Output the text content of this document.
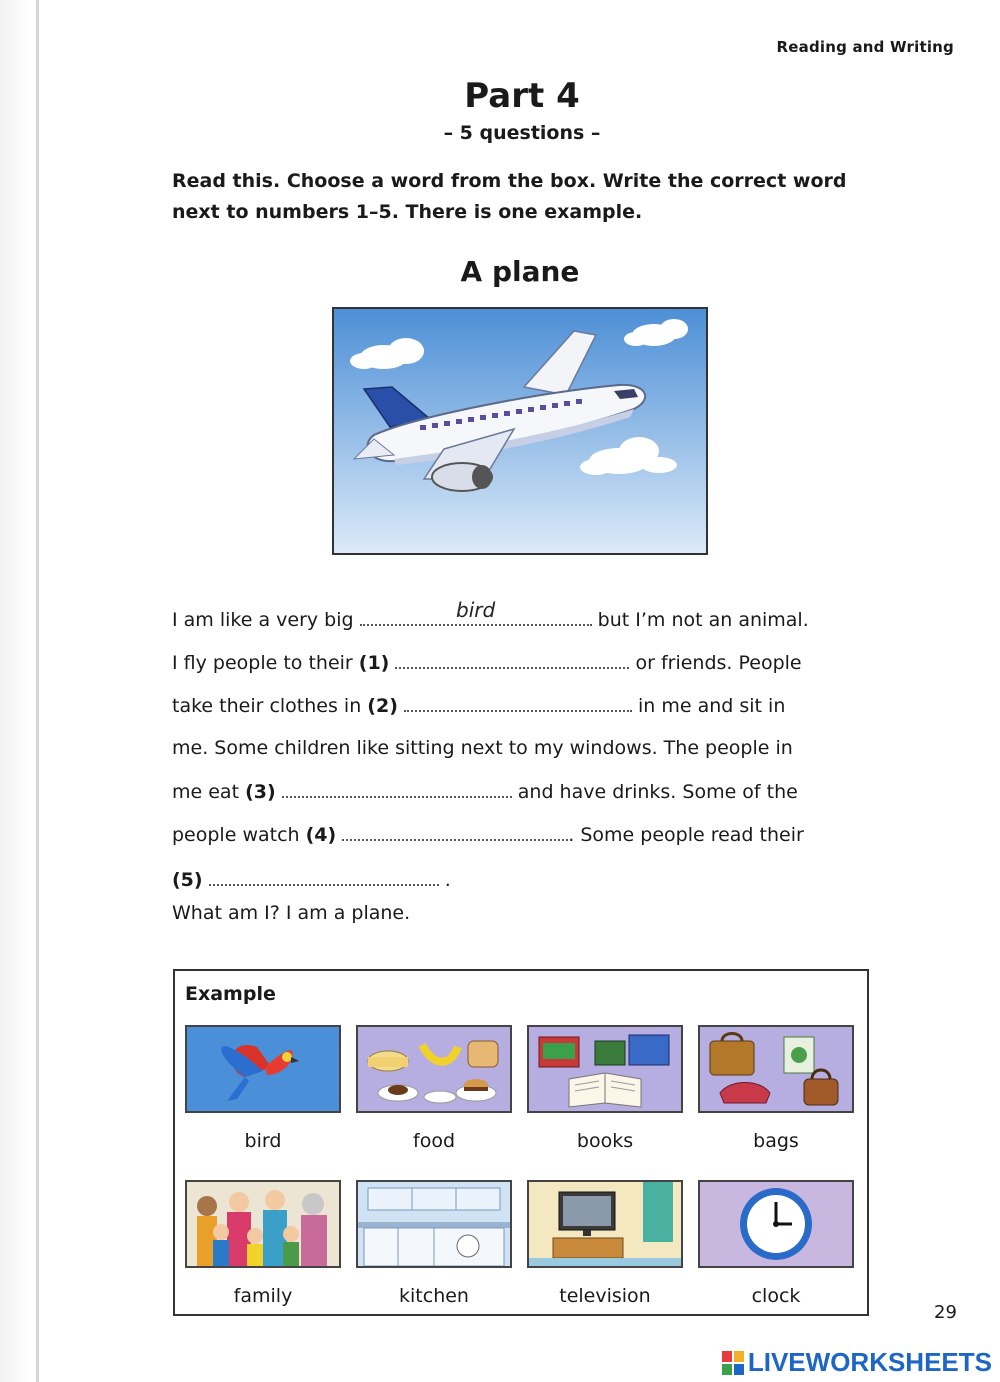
Reading and Writing
Part 4
– 5 questions –
Read this. Choose a word from the box. Write the correct word next to numbers 1–5. There is one example.
A plane
I am like a very big	bird	but I’m not an animal.
I fly people to their (1)	or friends. People
take their clothes in (2)	in me and sit in
me. Some children like sitting next to my windows. The people in
me eat (3)	and have drinks. Some of the
people watch (4)	. Some people read their
(5)	.
What am I? I am a plane.
Example
bird	food	books	bags
family	kitchen	television	clock
29
LIVEWORKSHEETS
